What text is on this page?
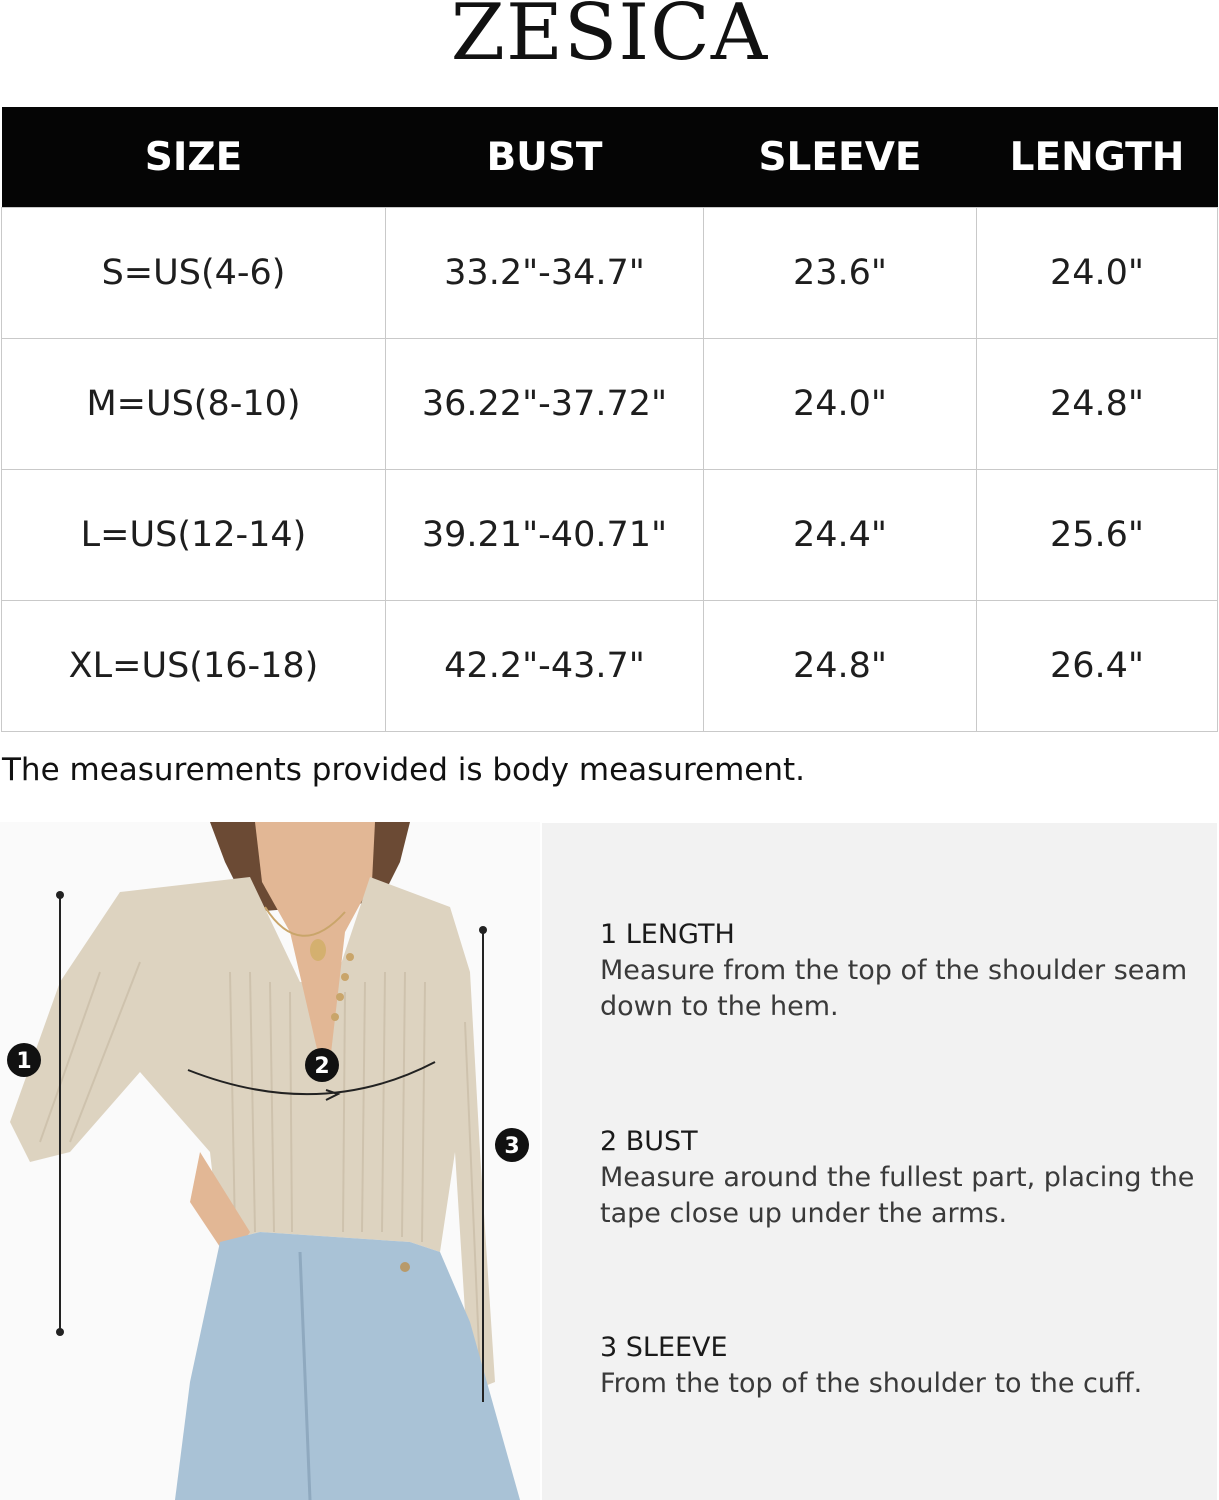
ZESICA
SIZE	BUST	SLEEVE	LENGTH
S=US(4-6)	33.2"-34.7"	23.6"	24.0"
M=US(8-10)	36.22"-37.72"	24.0"	24.8"
L=US(12-14)	39.21"-40.71"	24.4"	25.6"
XL=US(16-18)	42.2"-43.7"	24.8"	26.4"
The measurements provided is body measurement.
1	2
3
1 LENGTH
Measure from the top of the shoulder seam down to the hem.
2 BUST
Measure around the fullest part, placing the tape close up under the arms.
3 SLEEVE
From the top of the shoulder to the cuff.
